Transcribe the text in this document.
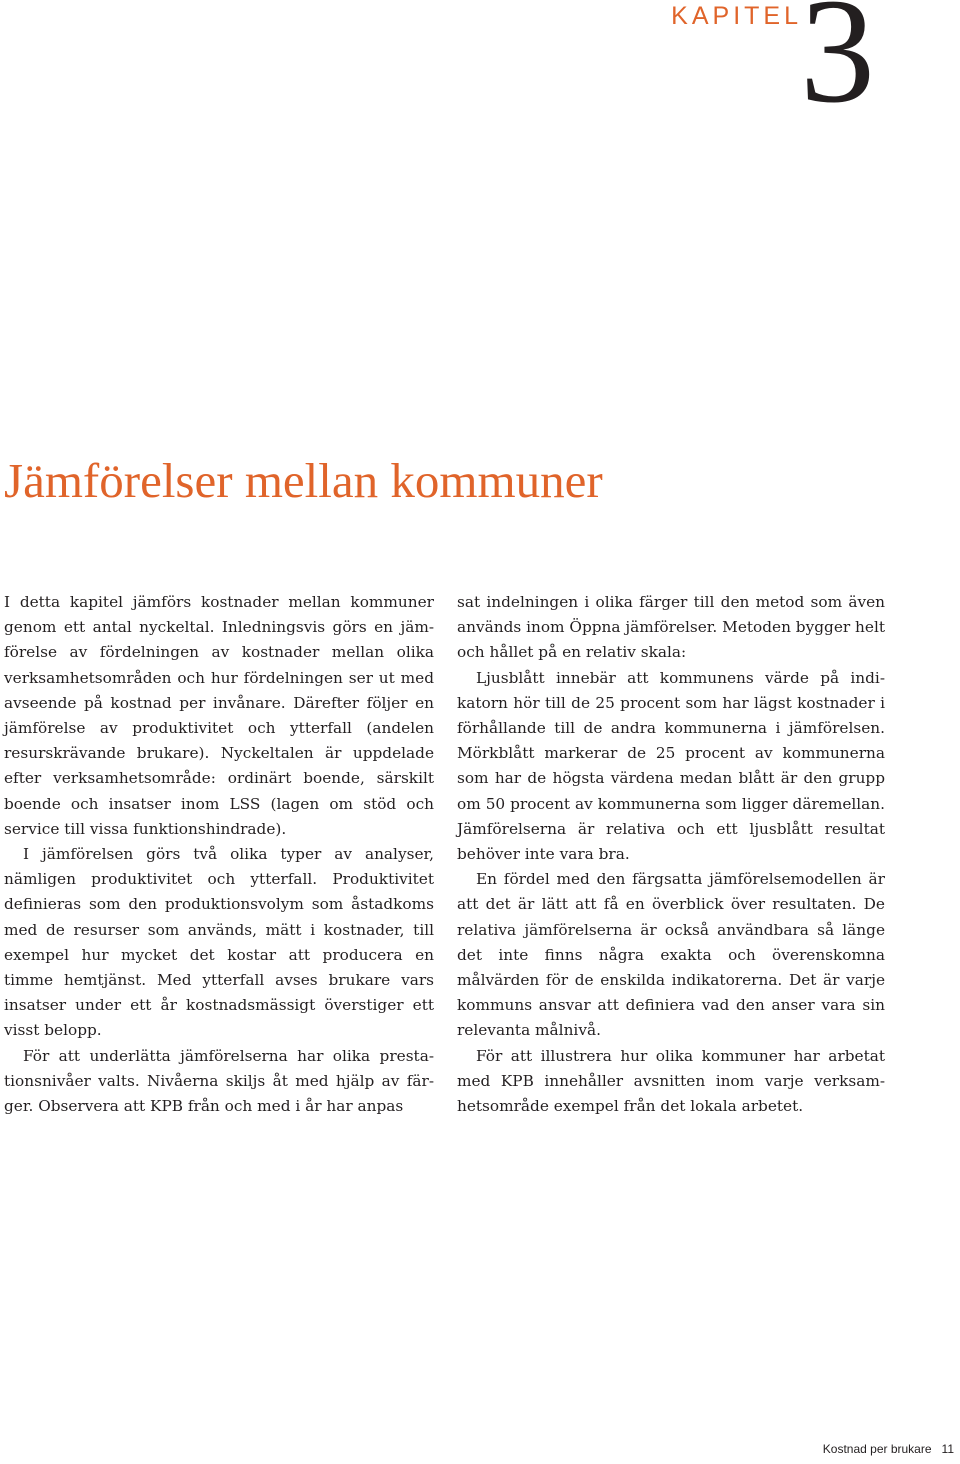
KAPITEL
3
Jämförelser mellan kommuner

I detta kapitel jämförs kostnader mellan kommuner genom ett antal nyckeltal. Inledningsvis görs en jämförelse av fördelningen av kostnader mellan olika verksamhetsområden och hur fördelningen ser ut med avseende på kostnad per invånare. Därefter följer en jämförelse av produktivitet och ytterfall (andelen resurskrävande brukare). Nyckeltalen är uppdelade efter verksamhetsområde: ordinärt boende, särskilt boende och insatser inom LSS (lagen om stöd och service till vissa funktionshindrade).

I jämförelsen görs två olika typer av analyser, nämligen produktivitet och ytterfall. Produktivitet definieras som den produktionsvolym som åstadkoms med de resurser som används, mätt i kostnader, till exempel hur mycket det kostar att producera en timme hemtjänst. Med ytterfall avses brukare vars insatser under ett år kostnadsmässigt överstiger ett visst belopp.

För att underlätta jämförelserna har olika prestationsnivåer valts. Nivåerna skiljs åt med hjälp av färger. Observera att KPB från och med i år har anpas

sat indelningen i olika färger till den metod som även används inom Öppna jämförelser. Metoden bygger helt och hållet på en relativ skala:

Ljusblått innebär att kommunens värde på indikatorn hör till de 25 procent som har lägst kostnader i förhållande till de andra kommunerna i jämförelsen. Mörkblått markerar de 25 procent av kommunerna som har de högsta värdena medan blått är den grupp om 50 procent av kommunerna som ligger däremellan. Jämförelserna är relativa och ett ljusblått resultat behöver inte vara bra.

En fördel med den färgsatta jämförelsemodellen är att det är lätt att få en överblick över resultaten. De relativa jämförelserna är också användbara så länge det inte finns några exakta och överenskomna målvärden för de enskilda indikatorerna. Det är varje kommuns ansvar att definiera vad den anser vara sin relevanta målnivå.

För att illustrera hur olika kommuner har arbetat med KPB innehåller avsnitten inom varje verksamhetsområde exempel från det lokala arbetet.

Kostnad per brukare 11
